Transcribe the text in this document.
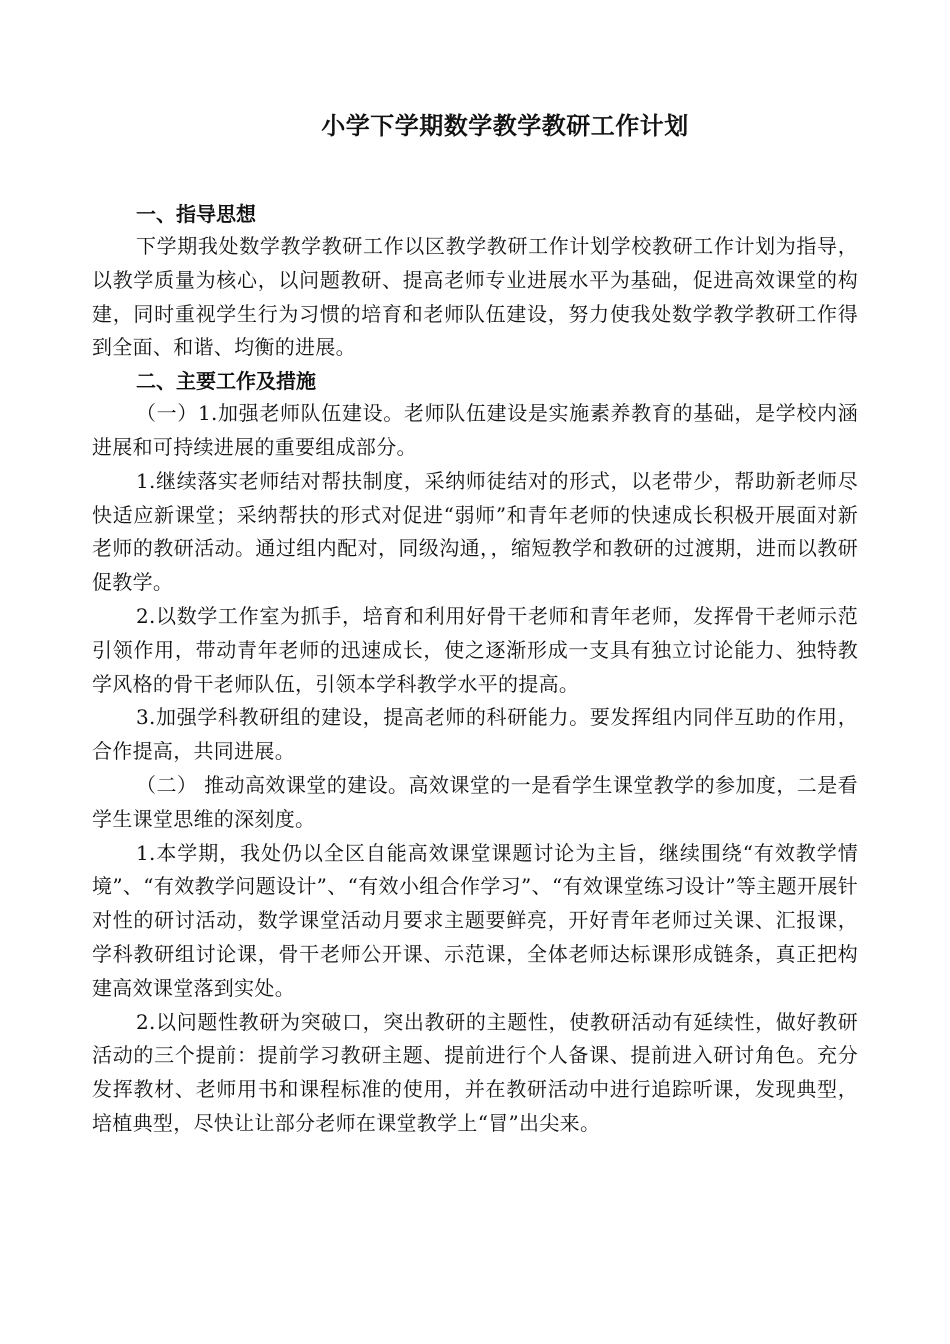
小学下学期数学教学教研工作计划
一、指导思想

下学期我处数学教学教研工作以区教学教研工作计划学校教研工作计划为指导，以教学质量为核心，以问题教研、提高老师专业进展水平为基础，促进高效课堂的构建，同时重视学生行为习惯的培育和老师队伍建设，努力使我处数学教学教研工作得到全面、和谐、均衡的进展。

二、主要工作及措施

（一）1.加强老师队伍建设。老师队伍建设是实施素养教育的基础，是学校内涵进展和可持续进展的重要组成部分。

1.继续落实老师结对帮扶制度，采纳师徒结对的形式，以老带少，帮助新老师尽快适应新课堂；采纳帮扶的形式对促进“弱师”和青年老师的快速成长积极开展面对新老师的教研活动。通过组内配对，同级沟通，，缩短教学和教研的过渡期，进而以教研促教学。

2.以数学工作室为抓手，培育和利用好骨干老师和青年老师，发挥骨干老师示范引领作用，带动青年老师的迅速成长，使之逐渐形成一支具有独立讨论能力、独特教学风格的骨干老师队伍，引领本学科教学水平的提高。

3.加强学科教研组的建设，提高老师的科研能力。要发挥组内同伴互助的作用，合作提高，共同进展。

（二） 推动高效课堂的建设。高效课堂的一是看学生课堂教学的参加度，二是看学生课堂思维的深刻度。

1.本学期，我处仍以全区自能高效课堂课题讨论为主旨，继续围绕“有效教学情境”、“有效教学问题设计”、“有效小组合作学习”、“有效课堂练习设计”等主题开展针对性的研讨活动，数学课堂活动月要求主题要鲜亮，开好青年老师过关课、汇报课，学科教研组讨论课，骨干老师公开课、示范课，全体老师达标课形成链条，真正把构建高效课堂落到实处。

2.以问题性教研为突破口，突出教研的主题性，使教研活动有延续性，做好教研活动的三个提前：提前学习教研主题、提前进行个人备课、提前进入研讨角色。充分发挥教材、老师用书和课程标准的使用，并在教研活动中进行追踪听课，发现典型，培植典型，尽快让让部分老师在课堂教学上“冒”出尖来。
